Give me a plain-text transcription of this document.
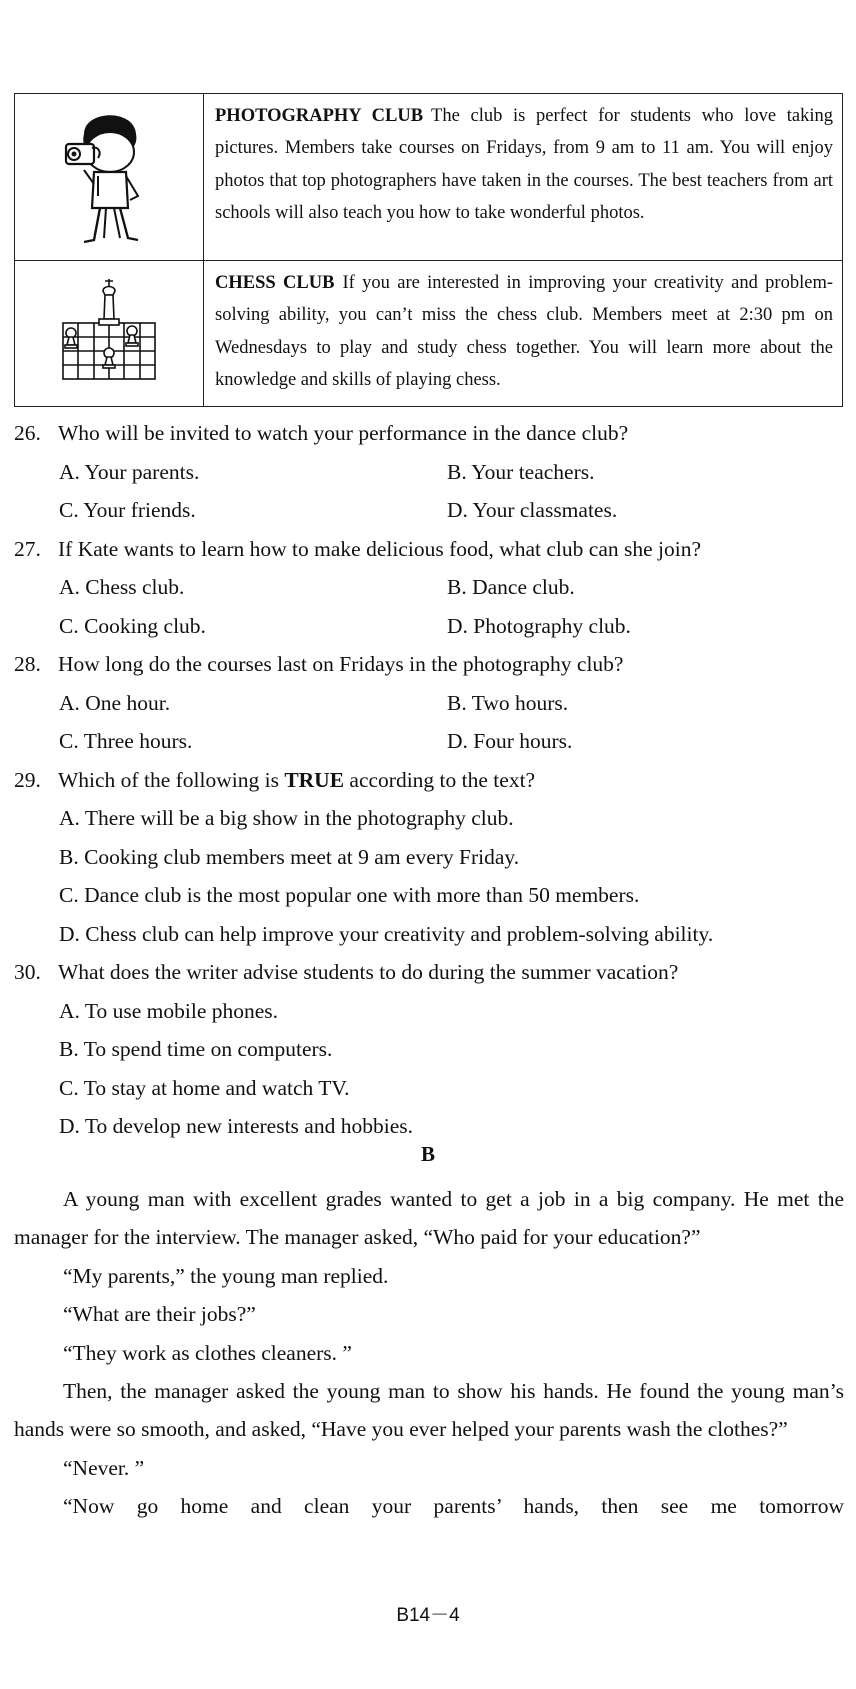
	PHOTOGRAPHY CLUB The club is perfect for students who love taking pictures. Members take courses on Fridays, from 9 am to 11 am. You will enjoy photos that top photographers have taken in the courses. The best teachers from art schools will also teach you how to take wonderful photos.
	CHESS CLUB If you are interested in improving your creativity and problem-solving ability, you can’t miss the chess club. Members meet at 2:30 pm on Wednesdays to play and study chess together. You will learn more about the knowledge and skills of playing chess.
26. Who will be invited to watch your performance in the dance club?
A. Your parents.	B. Your teachers.
C. Your friends.	D. Your classmates.
27. If Kate wants to learn how to make delicious food, what club can she join?
A. Chess club.	B. Dance club.
C. Cooking club.	D. Photography club.
28. How long do the courses last on Fridays in the photography club?
A. One hour.	B. Two hours.
C. Three hours.	D. Four hours.
29. Which of the following is TRUE according to the text?
A. There will be a big show in the photography club.
B. Cooking club members meet at 9 am every Friday.
C. Dance club is the most popular one with more than 50 members.
D. Chess club can help improve your creativity and problem-solving ability.
30. What does the writer advise students to do during the summer vacation?
A. To use mobile phones.
B. To spend time on computers.
C. To stay at home and watch TV.
D. To develop new interests and hobbies.
B

A young man with excellent grades wanted to get a job in a big company. He met the manager for the interview. The manager asked, “Who paid for your education?”

“My parents,” the young man replied.

“What are their jobs?”

“They work as clothes cleaners. ”

Then, the manager asked the young man to show his hands. He found the young man’s hands were so smooth, and asked, “Have you ever helped your parents wash the clothes?”

“Never. ”

“Now go home and clean your parents’ hands, then see me tomorrow

B14－4
